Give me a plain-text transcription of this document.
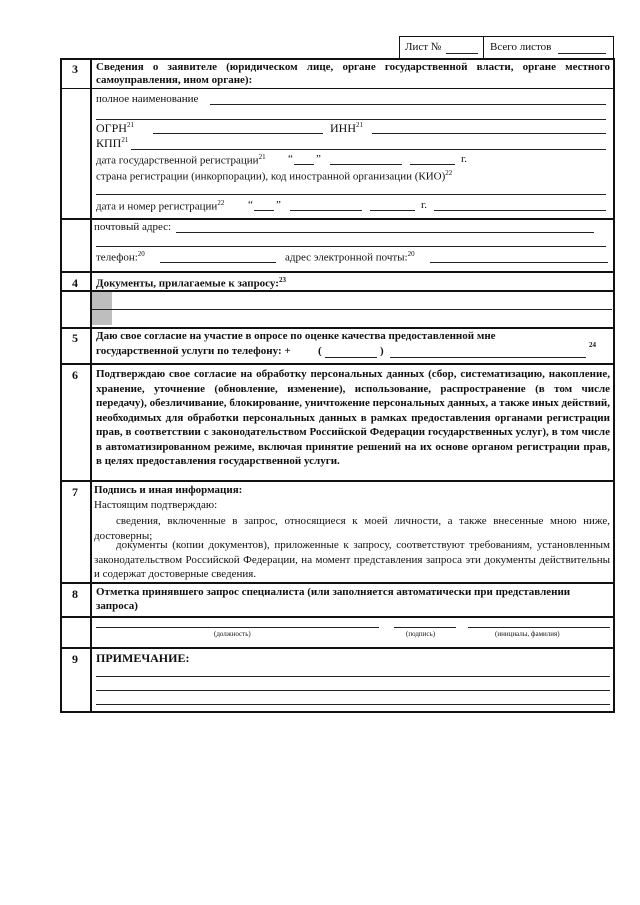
Лист №	Всего листов
3	Сведения о заявителе (юридическом лице, органе государственной власти, органе местного самоуправления, ином органе):
полное наименование
ОГРН$^{21}$	ИНН$^{21}$
КПП$^{21}$
дата государственной регистрации$^{21}$ “ ”	г.
страна регистрации (инкорпорации), код иностранной организации (КИО)$^{22}$
дата и номер регистрации$^{22}$ “ ”	г.
почтовый адрес:
телефон:$^{20}$	адрес электронной почты:$^{20}$
4	Документы, прилагаемые к запросу:$^{23}$
5	Даю свое согласие на участие в опросе по оценке качества предоставленной мне
государственной услуги по телефону: + (	)	24
6	Подтверждаю свое согласие на обработку персональных данных (сбор, систематизацию, накопление, хранение, уточнение (обновление, изменение), использование, распространение (в том числе передачу), обезличивание, блокирование, уничтожение персональных данных, а также иных действий, необходимых для обработки персональных данных в рамках предоставления органами регистрации прав, в соответствии с законодательством Российской Федерации государственных услуг), в том числе в автоматизированном режиме, включая принятие решений на их основе органом регистрации прав, в целях предоставления государственной услуги.
7	Подпись и иная информация:
Настоящим подтверждаю:
сведения, включенные в запрос, относящиеся к моей личности, а также внесенные мною ниже, достоверны;
документы (копии документов), приложенные к запросу, соответствуют требованиям, установленным законодательством Российской Федерации, на момент представления запроса эти документы действительны и содержат достоверные сведения.
8	Отметка принявшего запрос специалиста (или заполняется автоматически при представлении запроса)
(должность)	(подпись)	(инициалы, фамилия)
9	ПРИМЕЧАНИЕ:
